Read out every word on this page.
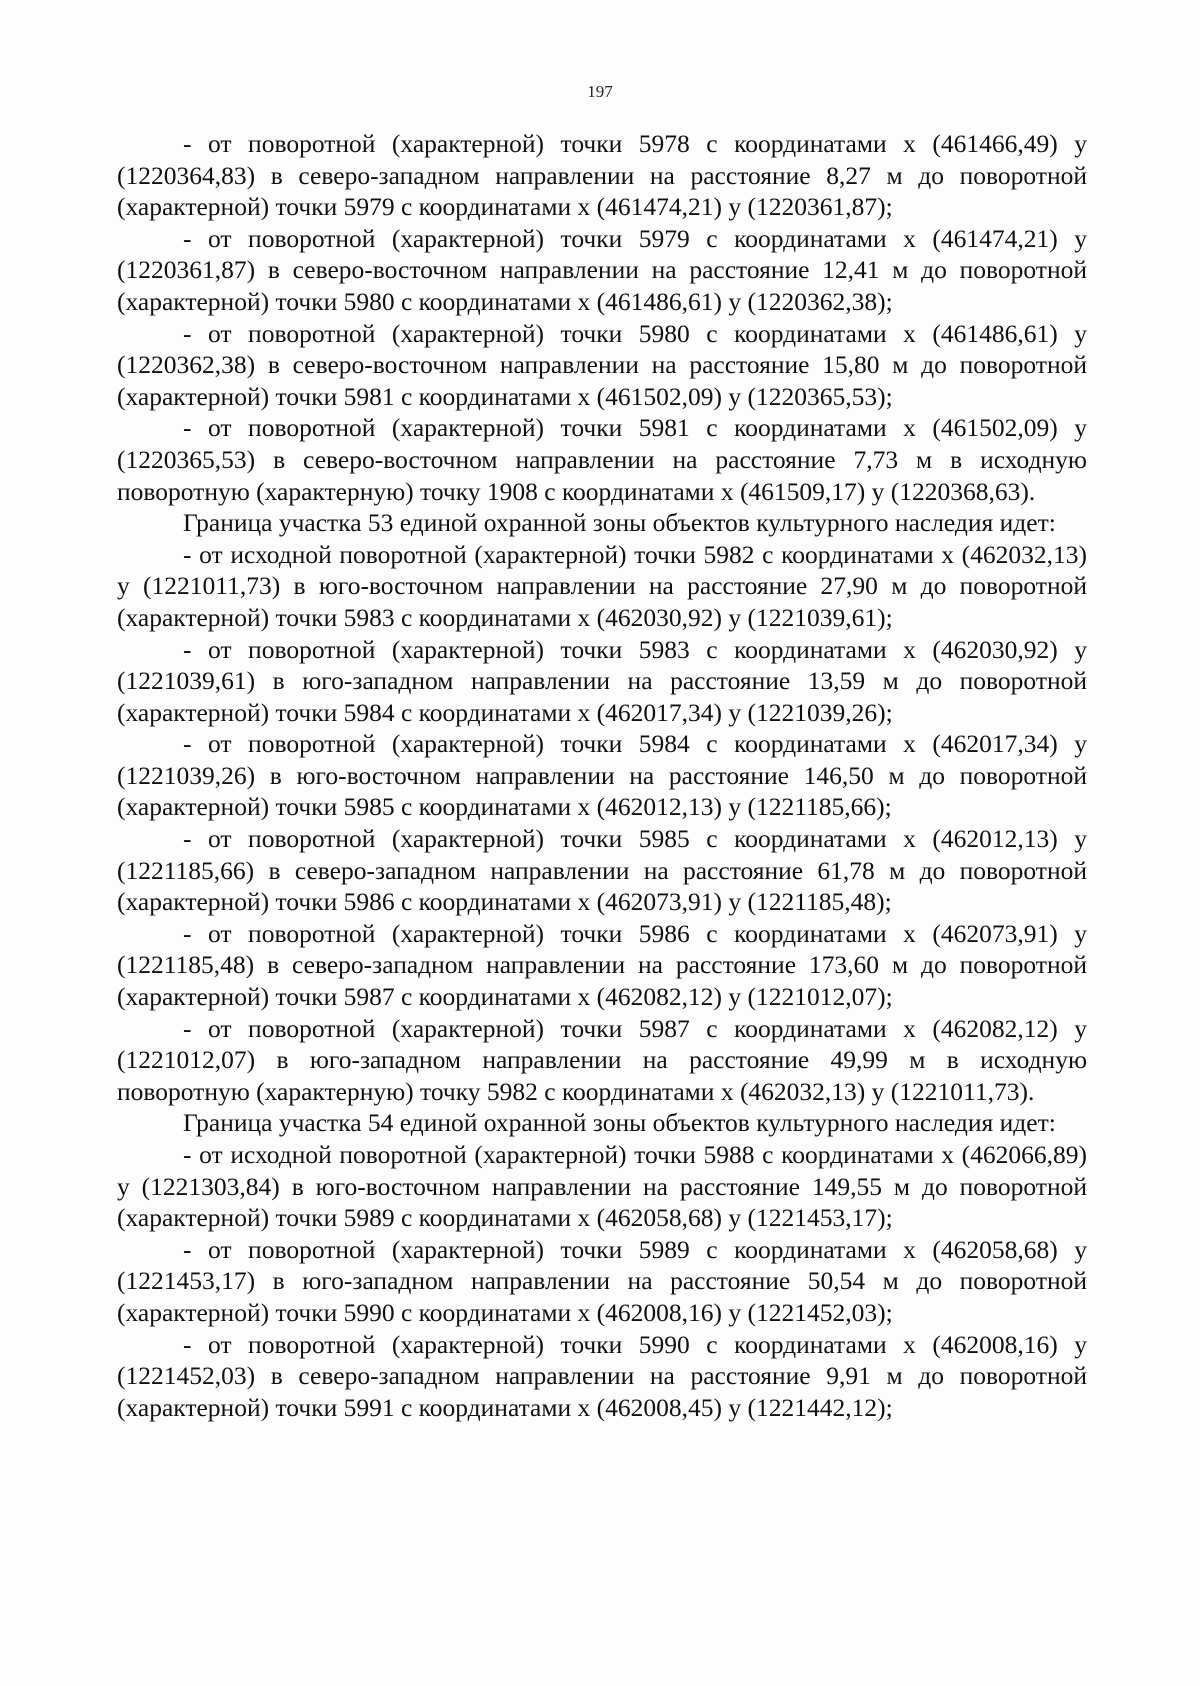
197

- от поворотной (характерной) точки 5978 с координатами х (461466,49) у (1220364,83) в северо-западном направлении на расстояние 8,27 м до поворотной (характерной) точки 5979 с координатами х (461474,21) у (1220361,87);

- от поворотной (характерной) точки 5979 с координатами х (461474,21) у (1220361,87) в северо-восточном направлении на расстояние 12,41 м до поворотной (характерной) точки 5980 с координатами х (461486,61) у (1220362,38);

- от поворотной (характерной) точки 5980 с координатами х (461486,61) у (1220362,38) в северо-восточном направлении на расстояние 15,80 м до поворотной (характерной) точки 5981 с координатами х (461502,09) у (1220365,53);

- от поворотной (характерной) точки 5981 с координатами х (461502,09) у (1220365,53) в северо-восточном направлении на расстояние 7,73 м в исходную поворотную (характерную) точку 1908 с координатами х (461509,17) у (1220368,63).

Граница участка 53 единой охранной зоны объектов культурного наследия идет:

- от исходной поворотной (характерной) точки 5982 с координатами х (462032,13) у (1221011,73) в юго-восточном направлении на расстояние 27,90 м до поворотной (характерной) точки 5983 с координатами х (462030,92) у (1221039,61);

- от поворотной (характерной) точки 5983 с координатами х (462030,92) у (1221039,61) в юго-западном направлении на расстояние 13,59 м до поворотной (характерной) точки 5984 с координатами х (462017,34) у (1221039,26);

- от поворотной (характерной) точки 5984 с координатами х (462017,34) у (1221039,26) в юго-восточном направлении на расстояние 146,50 м до поворотной (характерной) точки 5985 с координатами х (462012,13) у (1221185,66);

- от поворотной (характерной) точки 5985 с координатами х (462012,13) у (1221185,66) в северо-западном направлении на расстояние 61,78 м до поворотной (характерной) точки 5986 с координатами х (462073,91) у (1221185,48);

- от поворотной (характерной) точки 5986 с координатами х (462073,91) у (1221185,48) в северо-западном направлении на расстояние 173,60 м до поворотной (характерной) точки 5987 с координатами х (462082,12) у (1221012,07);

- от поворотной (характерной) точки 5987 с координатами х (462082,12) у (1221012,07) в юго-западном направлении на расстояние 49,99 м в исходную поворотную (характерную) точку 5982 с координатами х (462032,13) у (1221011,73).

Граница участка 54 единой охранной зоны объектов культурного наследия идет:

- от исходной поворотной (характерной) точки 5988 с координатами х (462066,89) у (1221303,84) в юго-восточном направлении на расстояние 149,55 м до поворотной (характерной) точки 5989 с координатами х (462058,68) у (1221453,17);

- от поворотной (характерной) точки 5989 с координатами х (462058,68) у (1221453,17) в юго-западном направлении на расстояние 50,54 м до поворотной (характерной) точки 5990 с координатами х (462008,16) у (1221452,03);

- от поворотной (характерной) точки 5990 с координатами х (462008,16) у (1221452,03) в северо-западном направлении на расстояние 9,91 м до поворотной (характерной) точки 5991 с координатами х (462008,45) у (1221442,12);
